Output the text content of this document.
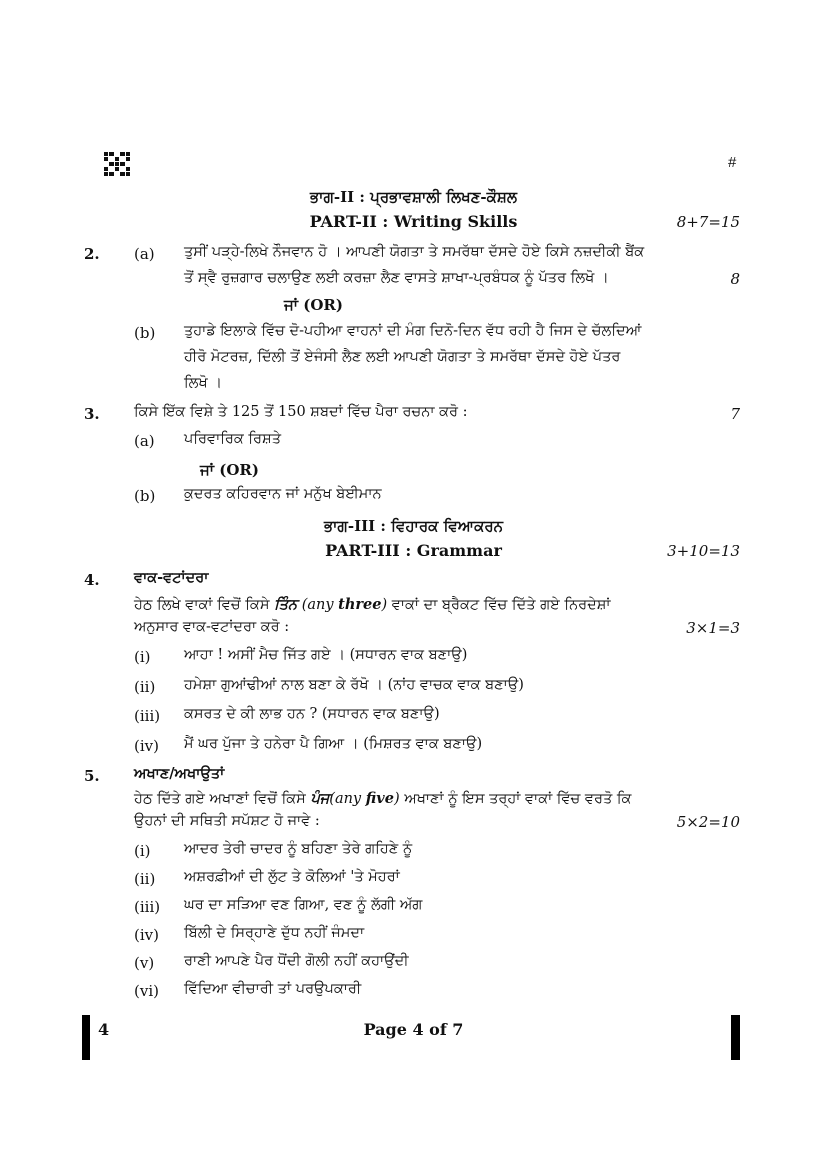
#
ਭਾਗ-II : ਪ੍ਰਭਾਵਸ਼ਾਲੀ ਲਿਖਣ-ਕੌਸ਼ਲ
PART-II : Writing Skills	8+7=15
2. (a) ਤੁਸੀਂ ਪੜ੍ਹੇ-ਲਿਖੇ ਨੌਜਵਾਨ ਹੋ । ਆਪਣੀ ਯੋਗਤਾ ਤੇ ਸਮਰੱਥਾ ਦੱਸਦੇ ਹੋਏ ਕਿਸੇ ਨਜ਼ਦੀਕੀ ਬੈਂਕ
ਤੋਂ ਸ੍ਵੈ ਰੁਜ਼ਗਾਰ ਚਲਾਉਣ ਲਈ ਕਰਜ਼ਾ ਲੈਣ ਵਾਸਤੇ ਸ਼ਾਖਾ-ਪ੍ਰਬੰਧਕ ਨੂੰ ਪੱਤਰ ਲਿਖੋ ।	8
ਜਾਂ (OR)
(b) ਤੁਹਾਡੇ ਇਲਾਕੇ ਵਿੱਚ ਦੋ-ਪਹੀਆ ਵਾਹਨਾਂ ਦੀ ਮੰਗ ਦਿਨੋ-ਦਿਨ ਵੱਧ ਰਹੀ ਹੈ ਜਿਸ ਦੇ ਚੱਲਦਿਆਂ
ਹੀਰੋ ਮੋਟਰਜ਼, ਦਿੱਲੀ ਤੋਂ ਏਜੰਸੀ ਲੈਣ ਲਈ ਆਪਣੀ ਯੋਗਤਾ ਤੇ ਸਮਰੱਥਾ ਦੱਸਦੇ ਹੋਏ ਪੱਤਰ
ਲਿਖੋ ।
3. ਕਿਸੇ ਇੱਕ ਵਿਸ਼ੇ ਤੇ 125 ਤੋਂ 150 ਸ਼ਬਦਾਂ ਵਿੱਚ ਪੈਰਾ ਰਚਨਾ ਕਰੋ :	7
(a) ਪਰਿਵਾਰਿਕ ਰਿਸ਼ਤੇ
ਜਾਂ (OR)
(b) ਕੁਦਰਤ ਕਹਿਰਵਾਨ ਜਾਂ ਮਨੁੱਖ ਬੇਈਮਾਨ
ਭਾਗ-III : ਵਿਹਾਰਕ ਵਿਆਕਰਨ
PART-III : Grammar	3+10=13
4. ਵਾਕ-ਵਟਾਂਦਰਾ
ਹੇਠ ਲਿਖੇ ਵਾਕਾਂ ਵਿਚੋਂ ਕਿਸੇ ਤਿੰਨ (any three) ਵਾਕਾਂ ਦਾ ਬ੍ਰੈਕਟ ਵਿੱਚ ਦਿੱਤੇ ਗਏ ਨਿਰਦੇਸ਼ਾਂ
ਅਨੁਸਾਰ ਵਾਕ-ਵਟਾਂਦਰਾ ਕਰੋ :	3×1=3
(i) ਆਹਾ ! ਅਸੀਂ ਮੈਚ ਜਿੱਤ ਗਏ । (ਸਧਾਰਨ ਵਾਕ ਬਣਾਉ)
(ii) ਹਮੇਸ਼ਾ ਗੁਆਂਢੀਆਂ ਨਾਲ ਬਣਾ ਕੇ ਰੱਖੋ । (ਨਾਂਹ ਵਾਚਕ ਵਾਕ ਬਣਾਉ)
(iii) ਕਸਰਤ ਦੇ ਕੀ ਲਾਭ ਹਨ ? (ਸਧਾਰਨ ਵਾਕ ਬਣਾਉ)
(iv) ਮੈਂ ਘਰ ਪੁੱਜਾ ਤੇ ਹਨੇਰਾ ਪੈ ਗਿਆ । (ਮਿਸ਼ਰਤ ਵਾਕ ਬਣਾਉ)
5. ਅਖਾਣ/ਅਖਾਉਤਾਂ
ਹੇਠ ਦਿੱਤੇ ਗਏ ਅਖਾਣਾਂ ਵਿਚੋਂ ਕਿਸੇ ਪੰਜ(any five) ਅਖਾਣਾਂ ਨੂੰ ਇਸ ਤਰ੍ਹਾਂ ਵਾਕਾਂ ਵਿੱਚ ਵਰਤੋ ਕਿ
ਉਹਨਾਂ ਦੀ ਸਥਿਤੀ ਸਪੱਸ਼ਟ ਹੋ ਜਾਵੇ :	5×2=10
(i) ਆਦਰ ਤੇਰੀ ਚਾਦਰ ਨੂੰ ਬਹਿਣਾ ਤੇਰੇ ਗਹਿਣੇ ਨੂੰ
(ii) ਅਸ਼ਰਫ਼ੀਆਂ ਦੀ ਲੁੱਟ ਤੇ ਕੋਲਿਆਂ 'ਤੇ ਮੋਹਰਾਂ
(iii) ਘਰ ਦਾ ਸੜਿਆ ਵਣ ਗਿਆ, ਵਣ ਨੂੰ ਲੱਗੀ ਅੱਗ
(iv) ਬਿੱਲੀ ਦੇ ਸਿਰ੍ਹਾਣੇ ਦੁੱਧ ਨਹੀਂ ਜੰਮਦਾ
(v) ਰਾਣੀ ਆਪਣੇ ਪੈਰ ਧੋਂਦੀ ਗੋਲੀ ਨਹੀਂ ਕਹਾਉਂਦੀ
(vi) ਵਿੱਦਿਆ ਵੀਚਾਰੀ ਤਾਂ ਪਰਉਪਕਾਰੀ
4	Page 4 of 7
